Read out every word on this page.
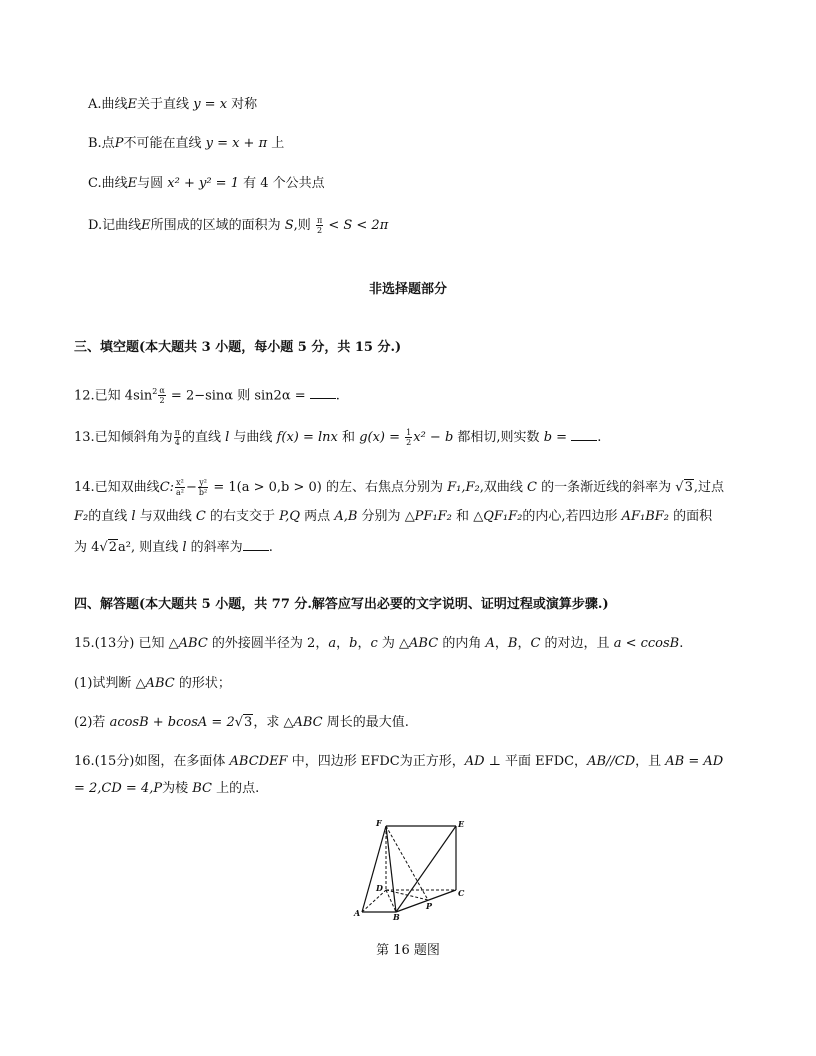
A.曲线E关于直线 y = x 对称
B.点P不可能在直线 y = x + π 上
C.曲线E与圆 x² + y² = 1 有 4 个公共点
D.记曲线E所围成的区域的面积为 S,则 $\frac{\pi}{2} < S < 2\pi$
非选择题部分
三、填空题(本大题共 3 小题，每小题 5 分，共 15 分.)
12.已知 $4\sin^2 \frac{\alpha}{2} = 2-\sin\alpha$ 则 sin2α = .
13.已知倾斜角为 $\frac{\pi}{4}$ 的直线 l 与曲线 f(x) = lnx 和 $g(x) = \frac{1}{2} x^2 - b$ 都相切,则实数 b = .
14.已知双曲线C: $\frac{\text{x²}}{\text{a²}} - \frac{\text{y²}}{\text{b²}} = 1(a > 0,b > 0)$ 的左、右焦点分别为 F₁,F₂,双曲线 C 的一条渐近线的斜率为 √3,过点
F₂的直线 l 与双曲线 C 的右支交于 P,Q 两点 A,B 分别为 △PF₁F₂ 和 △QF₁F₂的内心,若四边形 AF₁BF₂ 的面积
为 4√2a², 则直线 l 的斜率为 .
四、解答题(本大题共 5 小题，共 77 分.解答应写出必要的文字说明、证明过程或演算步骤.)
15.(13分) 已知 △ABC 的外接圆半径为 2，a，b，c 为 △ABC 的内角 A，B，C 的对边，且 a < ccosB.
(1)试判断 △ABC 的形状；
(2)若 acosB + bcosA = 2√3，求 △ABC 周长的最大值.
16.(15分)如图，在多面体 ABCDEF 中，四边形 EFDC为正方形，AD ⊥ 平面 EFDC，AB//CD，且 AB = AD
= 2,CD = 4,P为棱 BC 上的点.
F	E
D	C
A	B
P
第 16 题图
